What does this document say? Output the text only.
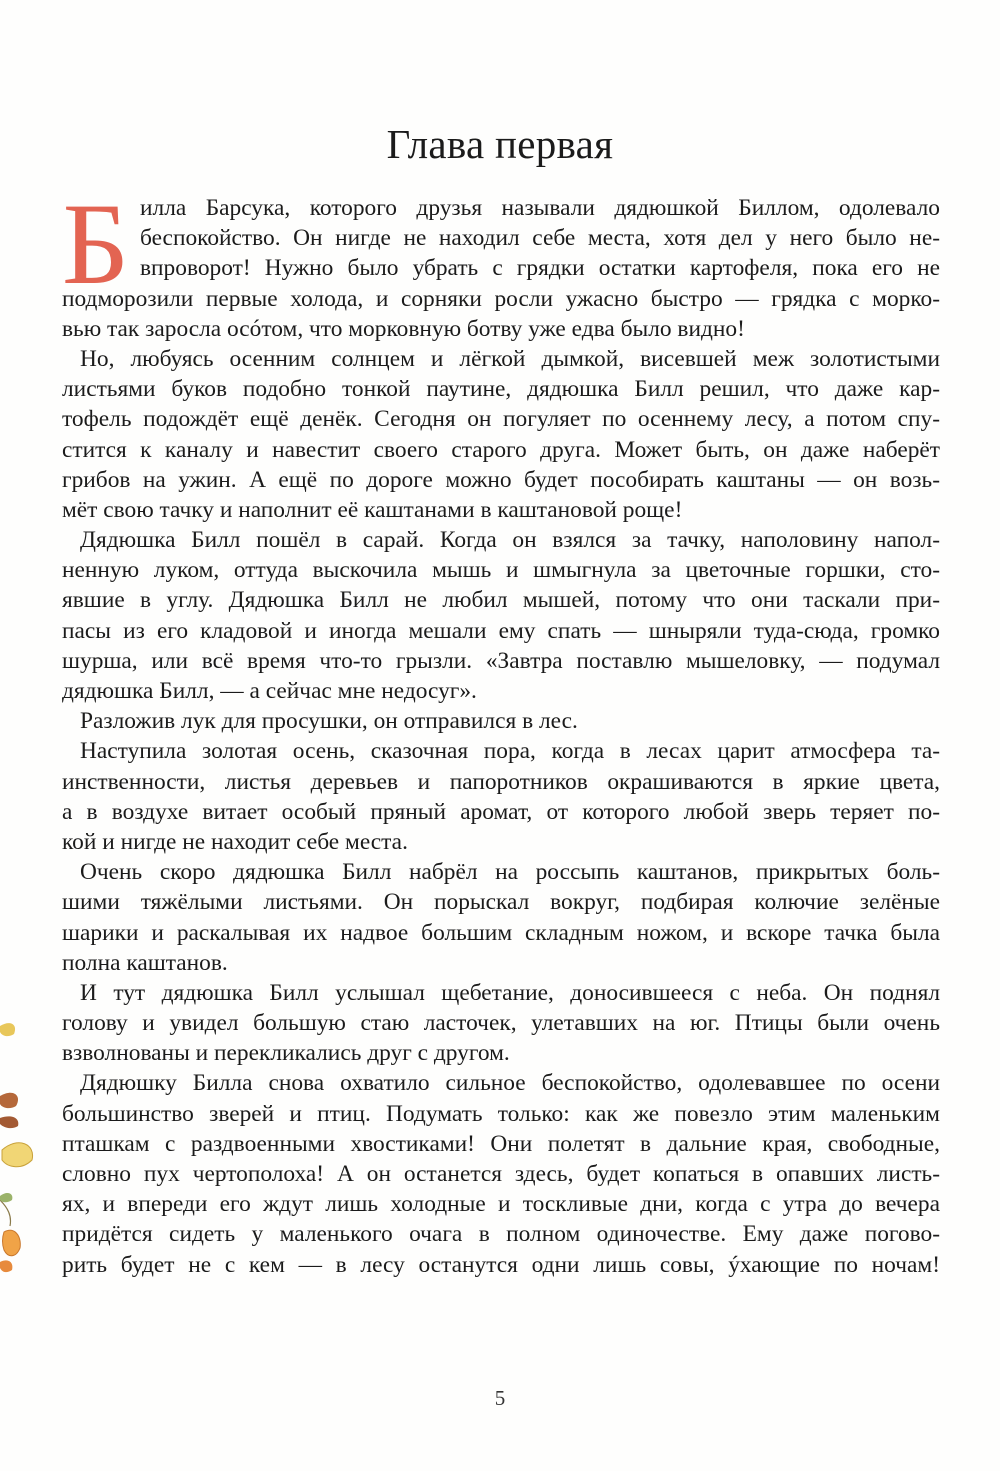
Глава первая
Б илла Барсука, которого друзья называли дядюшкой Биллом, одолевало
беспокойство. Он нигде не находил себе места, хотя дел у него было не-
впроворот! Нужно было убрать с грядки остатки картофеля, пока его не
подморозили первые холода, и сорняки росли ужасно быстро — грядка с морко-
вью так заросла осóтом, что морковную ботву уже едва было видно!
Но, любуясь осенним солнцем и лёгкой дымкой, висевшей меж золотистыми
листьями буков подобно тонкой паутине, дядюшка Билл решил, что даже кар-
тофель подождёт ещё денёк. Сегодня он погуляет по осеннему лесу, а потом спу-
стится к каналу и навестит своего старого друга. Может быть, он даже наберёт
грибов на ужин. А ещё по дороге можно будет пособирать каштаны — он возь-
мёт свою тачку и наполнит её каштанами в каштановой роще!
Дядюшка Билл пошёл в сарай. Когда он взялся за тачку, наполовину напол-
ненную луком, оттуда выскочила мышь и шмыгнула за цветочные горшки, сто-
явшие в углу. Дядюшка Билл не любил мышей, потому что они таскали при-
пасы из его кладовой и иногда мешали ему спать — шныряли туда-сюда, громко
шурша, или всё время что-то грызли. «Завтра поставлю мышеловку, — подумал
дядюшка Билл, — а сейчас мне недосуг».
Разложив лук для просушки, он отправился в лес.
Наступила золотая осень, сказочная пора, когда в лесах царит атмосфера та-
инственности, листья деревьев и папоротников окрашиваются в яркие цвета,
а в воздухе витает особый пряный аромат, от которого любой зверь теряет по-
кой и нигде не находит себе места.
Очень скоро дядюшка Билл набрёл на россыпь каштанов, прикрытых боль-
шими тяжёлыми листьями. Он порыскал вокруг, подбирая колючие зелёные
шарики и раскалывая их надвое большим складным ножом, и вскоре тачка была
полна каштанов.
И тут дядюшка Билл услышал щебетание, доносившееся с неба. Он поднял
голову и увидел большую стаю ласточек, улетавших на юг. Птицы были очень
взволнованы и перекликались друг с другом.
Дядюшку Билла снова охватило сильное беспокойство, одолевавшее по осени
большинство зверей и птиц. Подумать только: как же повезло этим маленьким
пташкам с раздвоенными хвостиками! Они полетят в дальние края, свободные,
словно пух чертополоха! А он останется здесь, будет копаться в опавших листь-
ях, и впереди его ждут лишь холодные и тоскливые дни, когда с утра до вечера
придётся сидеть у маленького очага в полном одиночестве. Ему даже погово-
рить будет не с кем — в лесу останутся одни лишь совы, ýхающие по ночам!
5
